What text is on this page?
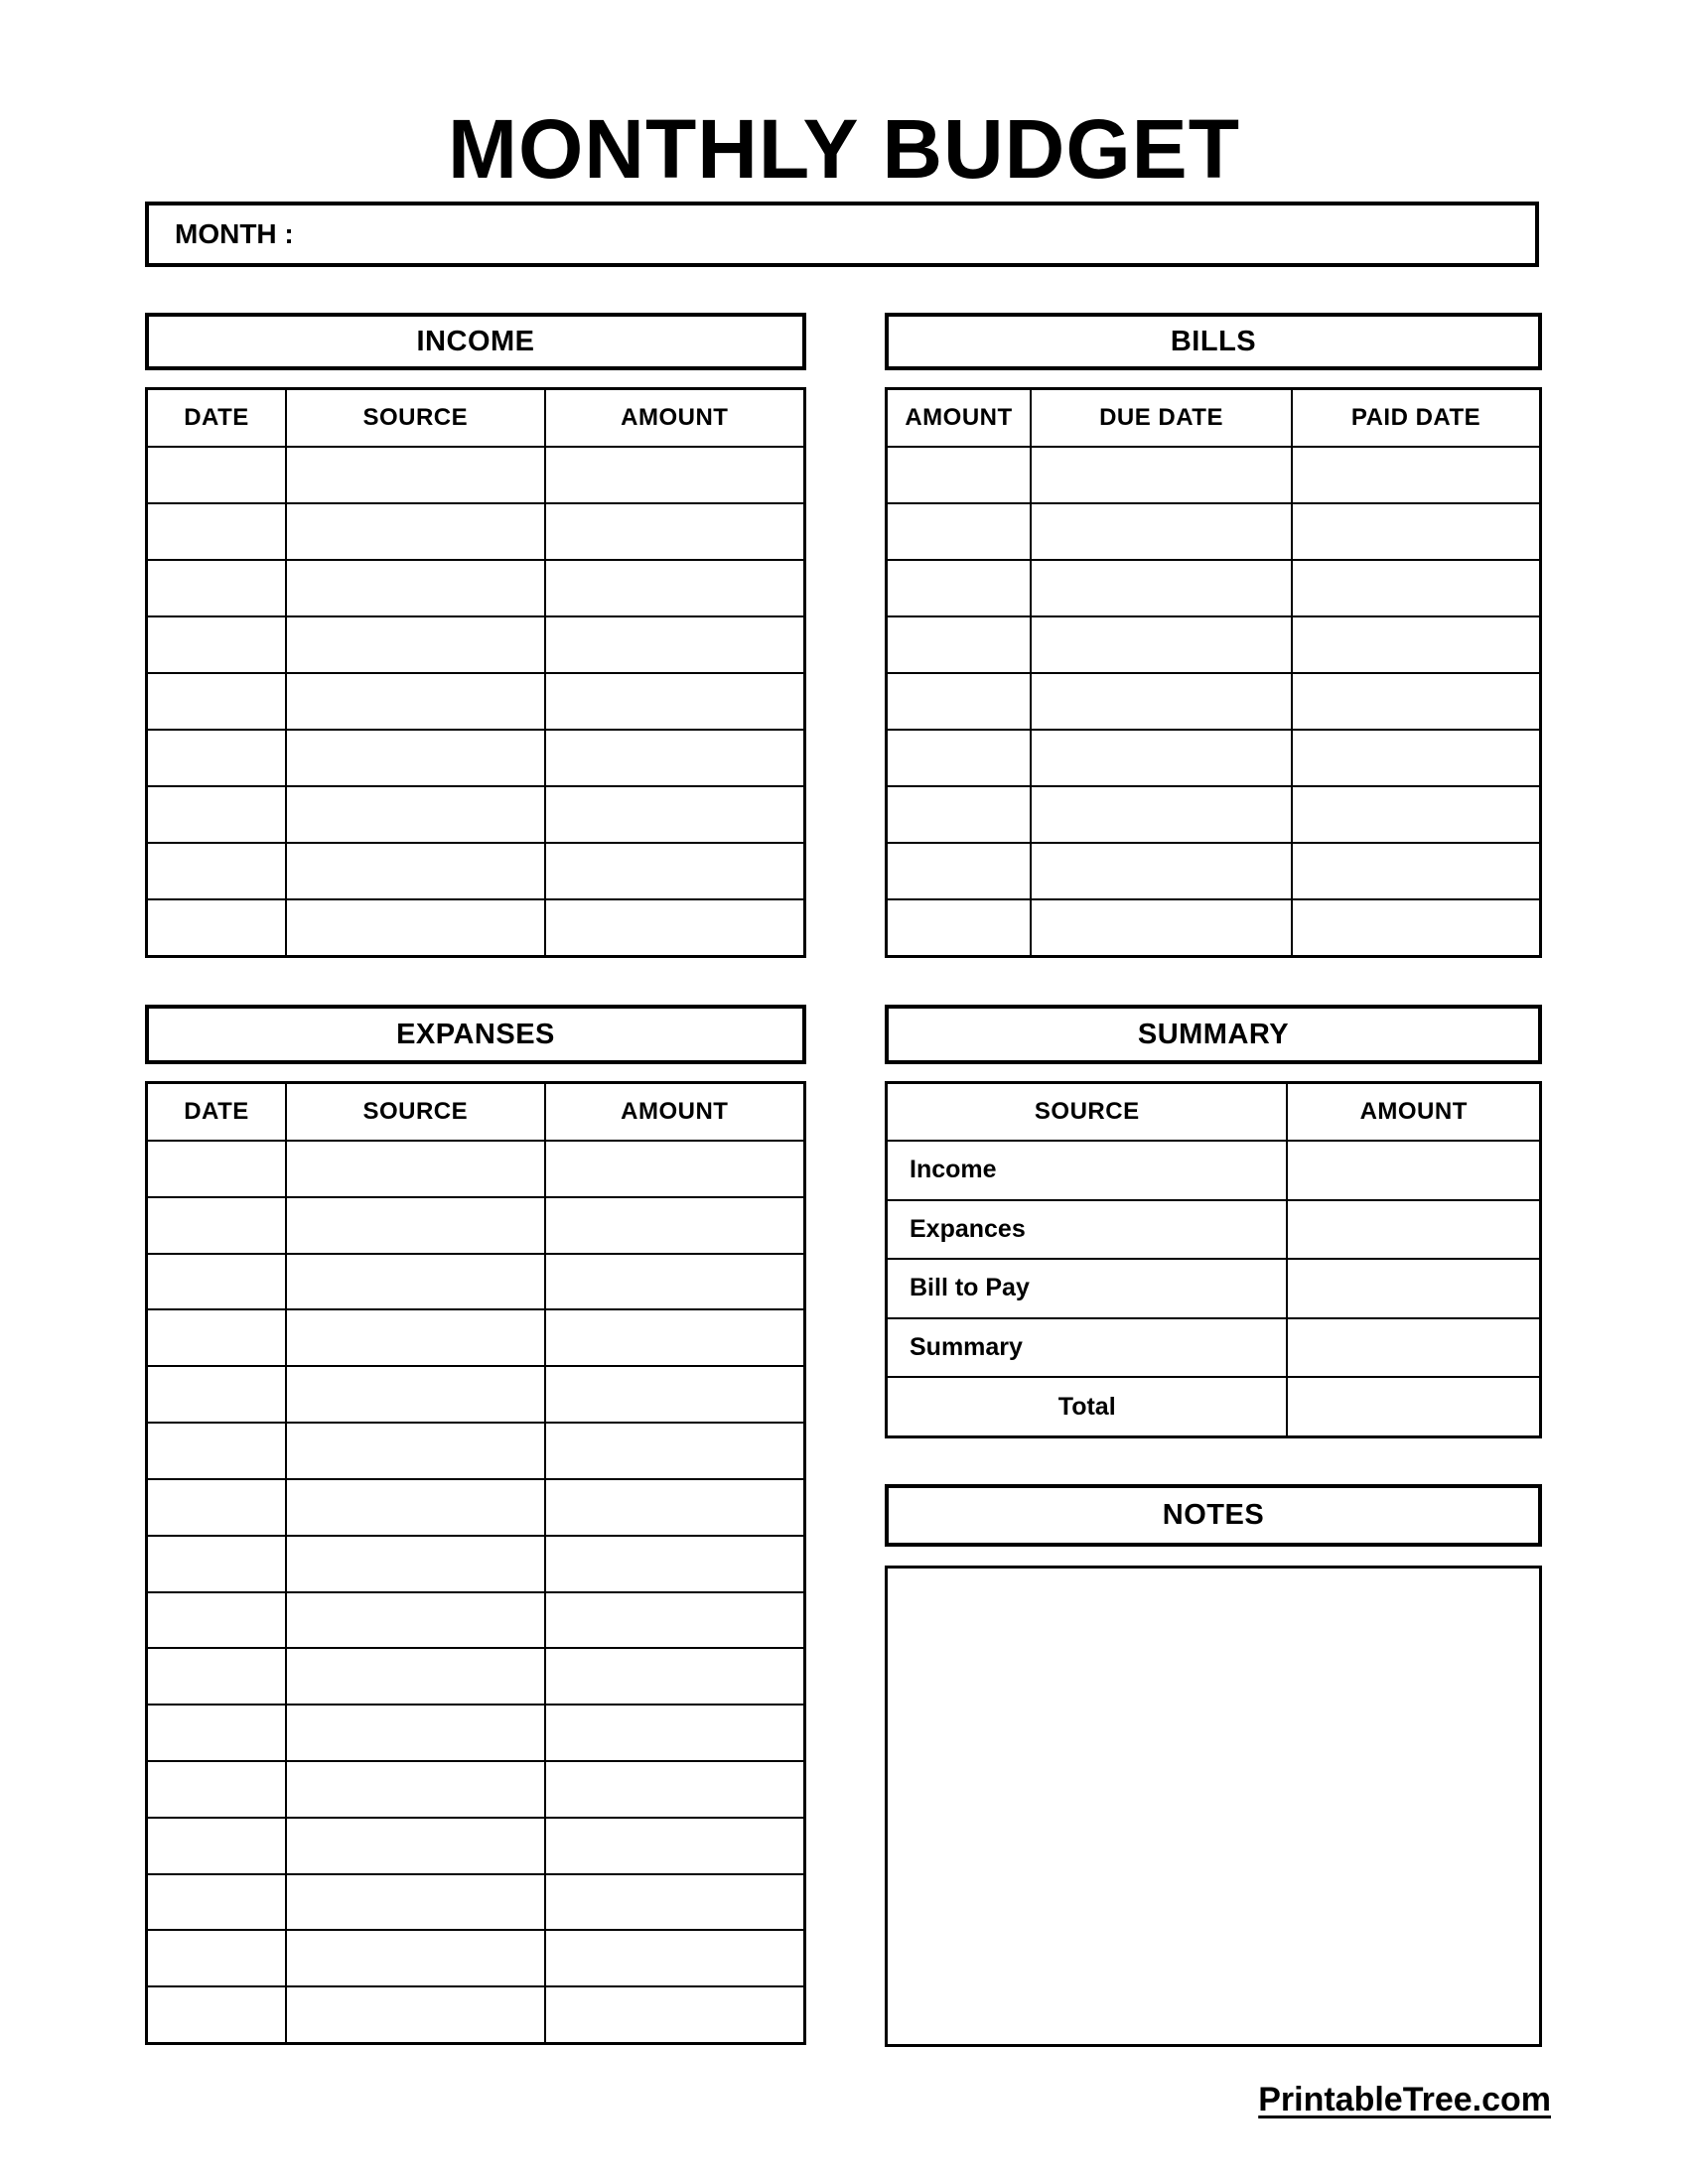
MONTHLY BUDGET
MONTH :
INCOME
DATE	SOURCE	AMOUNT
BILLS
AMOUNT	DUE DATE	PAID DATE
EXPANSES
DATE	SOURCE	AMOUNT
SUMMARY
SOURCE	AMOUNT
Income
Expances
Bill to Pay
Summary
Total
NOTES
PrintableTree.com
